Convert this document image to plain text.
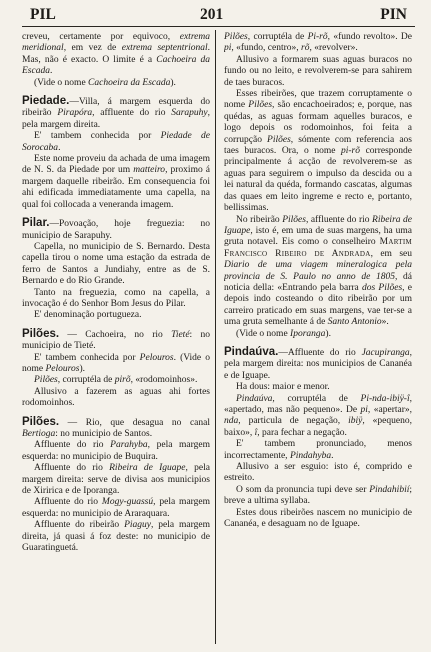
PIL	201	PIN

creveu, certamente por equivoco, extrema meridional, em vez de extrema septentrional. Mas, não é exacto. O limite é a Cachoeira da Escada.

(Vide o nome Cachoeira da Escada).

Piedade.—Villa, á margem esquerda do ribeirão Pirapóra, affluente do rio Sarapuhy, pela margem direita.

E' tambem conhecida por Piedade de Sorocaba.

Este nome proveiu da achada de uma imagem de N. S. da Piedade por um matteiro, proximo á margem daquelle ribeirão. Em consequencia foi ahi edificada immediatamente uma capella, na qual foi collocada a veneranda imagem.

Pilar.—Povoação, hoje freguezia: no municipio de Sarapuhy.

Capella, no municipio de S. Bernardo. Desta capella tirou o nome uma estação da estrada de ferro de Santos a Jundiahy, entre as de S. Bernardo e do Rio Grande.

Tanto na freguezia, como na capella, a invocação é do Senhor Bom Jesus do Pilar.

E' denominação portugueza.

Pilões. — Cachoeira, no rio Tieté: no municipio de Tieté.

E' tambem conhecida por Pelouros. (Vide o nome Pelouros).

Pilões, corruptéla de pirõ, «rodomoinhos».

Allusivo a fazerem as aguas ahi fortes rodomoinhos.

Pilões. — Rio, que desagua no canal Bertioga: no municipio de Santos.

Affluente do rio Parahyba, pela margem esquerda: no municipio de Buquira.

Affluente do rio Ribeira de Iguape, pela margem direita: serve de divisa aos municipios de Xiririca e de Iporanga.

Affluente do rio Mogy-guassú, pela margem esquerda: no municipio de Araraquara.

Affluente do ribeirão Piaguy, pela margem direita, já quasi á foz deste: no municipio de Guaratinguetá.

Pilões, corruptéla de Pi-rõ, «fundo revolto». De pi, «fundo, centro», rõ, «revolver».

Allusivo a formarem suas aguas buracos no fundo ou no leito, e revolverem-se para sahirem de taes buracos.

Esses ribeirões, que trazem corruptamente o nome Pilões, são encachoeirados; e, porque, nas quédas, as aguas formam aquelles buracos, e logo depois os rodomoinhos, foi feita a corrupção Pilões, sómente com referencia aos taes buracos. Ora, o nome pi-rõ corresponde principalmente á acção de revolverem-se as aguas para seguirem o impulso da descida ou a lei natural da quéda, formando cascatas, algumas das quaes em leito ingreme e recto e, portanto, bellissimas.

No ribeirão Pilões, affluente do rio Ribeira de Iguape, isto é, em uma de suas margens, ha uma gruta notavel. Eis como o conselheiro Martim Francisco Ribeiro de Andrada, em seu Diario de uma viagem mineralogica pela provincia de S. Paulo no anno de 1805, dá noticia della: «Entrando pela barra dos Pilões, e depois indo costeando o dito ribeirão por um carreiro praticado em suas margens, vae ter-se a uma gruta semelhante á de Santo Antonio».

(Vide o nome Iporanga).

Pindaúva.—Affluente do rio Jacupiranga, pela margem direita: nos municipios de Cananéa e de Iguape.

Ha dous: maior e menor.

Pindaúva, corruptéla de Pi-nda-ibiÿ-î, «apertado, mas não pequeno». De pi, «apertar», nda, particula de negação, ibiÿ, «pequeno, baixo», î, para fechar a negação.

E' tambem pronunciado, menos incorrectamente, Pindahyba.

Allusivo a ser esguio: isto é, comprido e estreito.

O som da pronuncia tupi deve ser Pindahibií; breve a ultima syllaba.

Estes dous ribeirões nascem no municipio de Cananéa, e desaguam no de Iguape.
